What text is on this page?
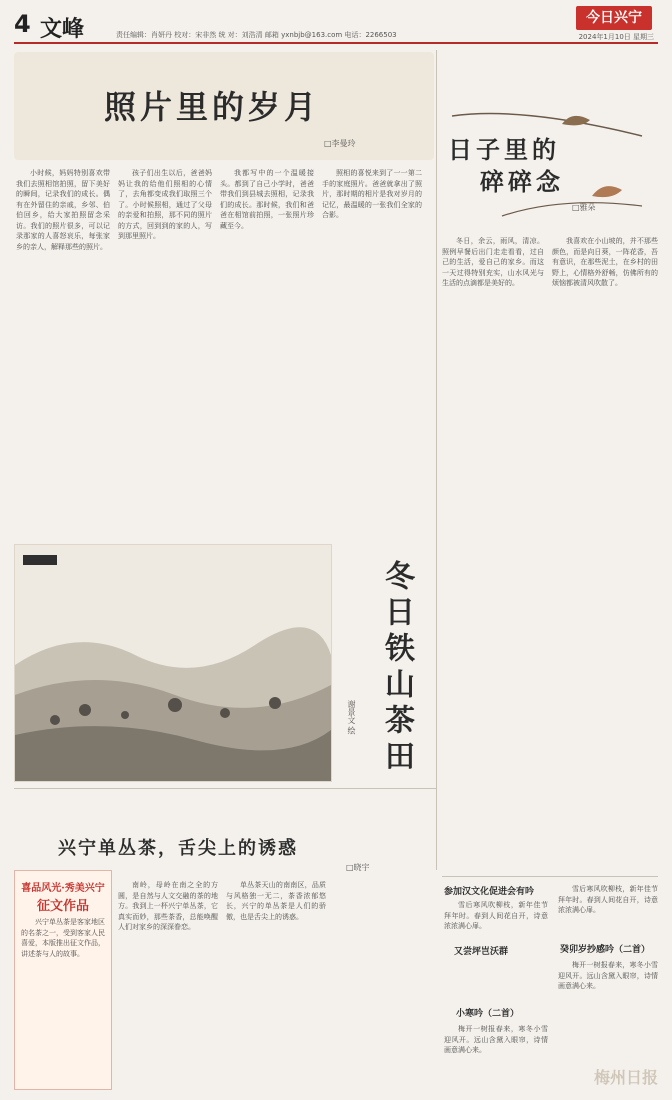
4 文峰	责任编辑：肖妍丹 校对：宋非然 统 对：刘浩清 邮箱 yxnbjb@163.com 电话：2266503
今日兴宁
2024年1月10日 星期三
照片里的岁月
□李曼玲

小时候，妈妈特别喜欢带我们去照相馆拍照，留下美好的瞬间，记录我们的成长。偶有在外留住的亲戚，乡邻、伯伯回乡，给大家拍照留念采访。我们的照片很多，可以记录那家的人喜怒哀乐，每张家乡的亲人，解释那些的照片。

孩子们出生以后，爸爸妈妈让我的给他们照相的心情了，去角都变成我们取照三个了。小时候照相，通过了父母的亲爱和拍照，那不同的照片的方式，回到到的家的人，写到那里照片。

我都写中的一个温暖接头。都到了自己小学时，爸爸带我们到县城去照相，记录我们的成长。那时候，我们和爸爸在相馆前拍照，一张照片珍藏至今。

照相的喜悦来到了一一第二手的家庭照片。爸爸就拿出了照片，那时期的相片是我对岁月的记忆，最温暖的一张我们全家的合影。

日子里的
碎碎念
□雅朵

冬日，余云，雨风，清凉。照例早餐后出门走走看看，过自己的生活，爱自己的家乡。而这一天过得特别充实，山水风光与生活的点滴都是美好的。

我喜欢在小山坡的，并不那些颜色，而是向日葵，一阵花香，吾有意识，在那些泥土，在乡村的田野上，心情格外舒畅，仿佛所有的烦恼都被清风吹散了。

冬日铁山茶田
谢景文 绘
兴宁单丛茶，舌尖上的诱惑
□晓宇
喜品风光·秀美兴宁
征文作品

兴宁单丛茶是客家地区的名茶之一，受到客家人民喜爱，本版推出征文作品，讲述茶与人的故事。

南岭，母岭在南之全的方圆，是自然与人文交融的茶的地方。我到上一杯兴宁单丛茶，它真实而妙，那些茶香，总能唤醒人们对家乡的深深眷恋。

单丛茶天山的南南区，品质与风格独一无二，茶香浓郁悠长，兴宁的单丛茶是人们的骄傲，也是舌尖上的诱惑。

参加汉文化促进会有吟
又尝坪岂沃群
小寒吟（二首）
癸卯岁抄感吟（二首）

雪后寒风吹柳枝，新年佳节拜年时。春到人间花自开，诗意浓浓满心扉。

梅开一树报春来，寒冬小雪迎风开。远山含黛入眼帘，诗情画意满心来。

雪后寒风吹柳枝，新年佳节拜年时。春到人间花自开，诗意浓浓满心扉。

梅开一树报春来，寒冬小雪迎风开。远山含黛入眼帘，诗情画意满心来。

梅州日报
